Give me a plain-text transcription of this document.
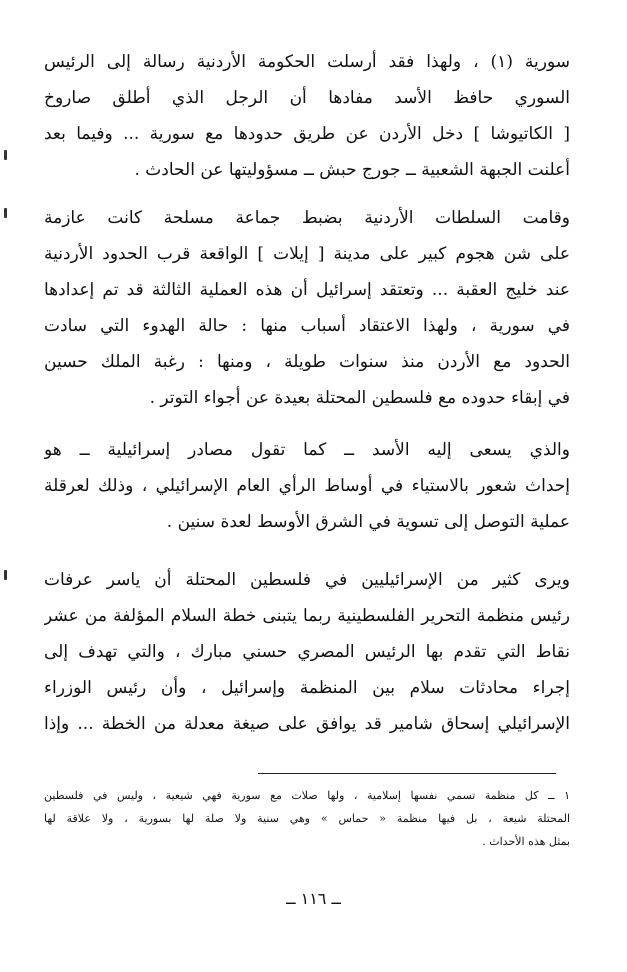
سورية (١) ، ولهذا فقد أرسلت الحكومة الأردنية رسالة إلى الرئيس
السوري حافظ الأسد مفادها أن الرجل الذي أطلق صاروخ
[ الكاتيوشا ] دخل الأردن عن طريق حدودها مع سورية ... وفيما بعد
أعلنت الجبهة الشعبية ــ جورج حبش ــ مسؤوليتها عن الحادث .
وقامت السلطات الأردنية بضبط جماعة مسلحة كانت عازمة
على شن هجوم كبير على مدينة [ إيلات ] الواقعة قرب الحدود الأردنية
عند خليج العقبة ... وتعتقد إسرائيل أن هذه العملية الثالثة قد تم إعدادها
في سورية ، ولهذا الاعتقاد أسباب منها : حالة الهدوء التي سادت
الحدود مع الأردن منذ سنوات طويلة ، ومنها : رغبة الملك حسين
في إبقاء حدوده مع فلسطين المحتلة بعيدة عن أجواء التوتر .
والذي يسعى إليه الأسد ــ كما تقول مصادر إسرائيلية ــ هو
إحداث شعور بالاستياء في أوساط الرأي العام الإسرائيلي ، وذلك لعرقلة
عملية التوصل إلى تسوية في الشرق الأوسط لعدة سنين .
ويرى كثير من الإسرائيليين في فلسطين المحتلة أن ياسر عرفات
رئيس منظمة التحرير الفلسطينية ربما يتبنى خطة السلام المؤلفة من عشر
نقاط التي تقدم بها الرئيس المصري حسني مبارك ، والتي تهدف إلى
إجراء محادثات سلام بين المنظمة وإسرائيل ، وأن رئيس الوزراء
الإسرائيلي إسحاق شامير قد يوافق على صيغة معدلة من الخطة ... وإذا
١ ــ كل منظمة تسمي نفسها إسلامية ، ولها صلات مع سورية فهي شيعية ، وليس في فلسطين
المحتلة شيعة ، بل فيها منظمة « حماس » وهي سنية ولا صلة لها بسورية ، ولا علاقة لها
بمثل هذه الأحداث .
ــ ١١٦ ــ
